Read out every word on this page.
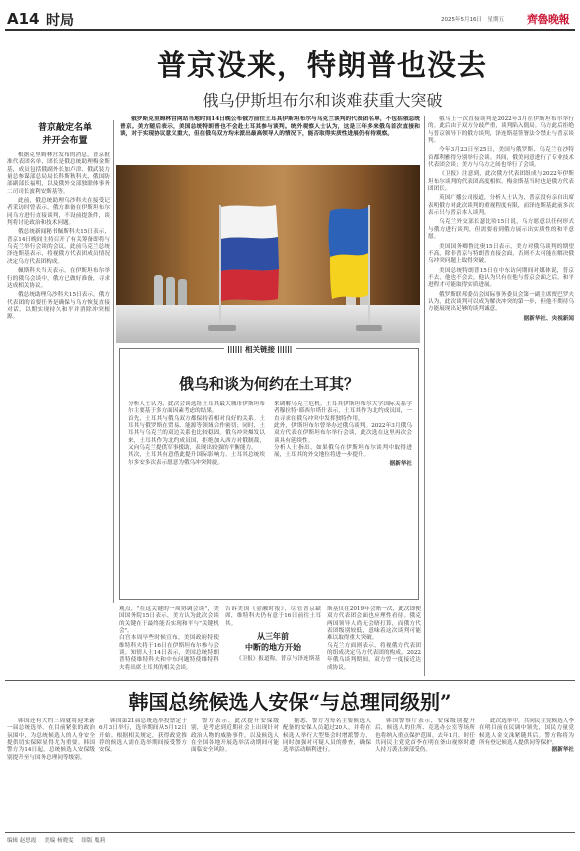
A14 时局	2025年5月16日　星期五 齊魯晚報
普京没来，特朗普也没去
俄乌伊斯坦布尔和谈难获重大突破
普京敲定名单
并开会布置

根据克里姆林宫发布的消息，普京批准代表团名单，团长是俄总统助理梅金斯基，成员包括俄副外长加卢津、俄武装力量总参谋部总局局长科斯秋科夫、俄国防部副部长福明，以及俄外交部独联体事务二司司长波利安斯基等。

此前，俄总统助理乌沙科夫在接受记者采访时曾表示，俄方准备在伊斯坦布尔同乌方进行直接谈判，不设前提条件，谈判将讨论政治和技术问题。

俄总统新闻秘书佩斯科夫15日表示，普京14日晚间主持召开了有关筹备即将与乌克兰举行会谈的会议。此前乌克兰总统泽连斯基表示，将视俄方代表团成员情况决定乌方代表团构成。

佩斯科夫当天表示，在伊斯坦布尔举行的俄乌会谈中，俄方已做好准备，寻求达成相关协议。

俄总统助理乌沙科夫15日表示，俄方代表团的首要任务是确保与乌方恢复直接对话，以期实现持久和平并消除冲突根源。

俄罗斯克里姆林宫网站当地时间14日晚公布俄方前往土耳其伊斯坦布尔与乌克兰谈判的代表团名单，不包括俄总统普京。美方随后表示，美国总统特朗普也不会赴土耳其参与谈判。统外观察人士认为，这是三年多来俄乌首次直接和谈，对于实现协议意义重大，但在俄乌双方均未派出最高领导人的情况下，能否取得实质性进展仍有待观察。

俄乌上一次直接谈判是2022年3月在伊斯坦布尔举行的。此后由于双方分歧严重，谈判陷入僵局。乌方此后拒绝与普京领导下的俄方谈判，泽连斯基签署法令禁止与普京谈判。

今年3月23日至25日，美国与俄罗斯、乌克兰在沙特首都利雅得分别举行会谈。其间，俄美同意进行了专业技术代表团会谈；美方与乌方之间也举行了会谈。

《卫报》注意到，此次俄方代表团组成与2022年伊斯坦布尔谈判的代表团高度相似。梅金斯基当时也是俄方代表团团长。

英国广播公司报道，分析人士认为，普京没有亲自出席表明俄方对此次谈判的重视程度有限，而泽连斯基此前多次表示只与普京本人谈判。

乌克兰外交部长瑟比哈15日说，乌方愿意以任何形式与俄方进行谈判，但需要看到俄方展示出实质性的和平意愿。

美国国务卿鲁比奥15日表示，美方对俄乌谈判的期望不高，除非普京与特朗普直接会面，否则不太可能在解决俄乌冲突问题上取得突破。

美国总统特朗普15日在中东访问期间对媒体说，普京不去，他也不会去。他认为只有在他与普京会面之后，和平进程才可能取得实质进展。

俄罗斯联邦委员会国际事务委员会第一副主席贾巴罗夫认为，此次谈判可以成为解决冲突的第一步，但他不期待乌方能展现出足够的谈判诚意。

据新华社、央视新闻

相关链接
俄乌和谈为何约在土耳其？
分析人士认为，此次会谈选址土耳其最大城市伊斯坦布尔主要基于多方面因素考虑的结果。
首先，土耳其与俄乌双方都保持着相对良好的关系。土耳其与俄罗斯在贸易、能源等领域合作密切；同时，土耳其与乌克兰的双边关系也比较稳固。俄乌冲突爆发以来，土耳其作为北约成员国，拒绝加入西方对俄制裁，又向乌克兰提供军事援助，表现出较强的平衡能力。
其次，土耳其有意借此提升国际影响力。土耳其总统埃尔多安多次表示愿意为俄乌冲突斡旋。
来调解乌克兰危机。土耳其伊斯坦布尔大学国际关系学者穆拉特·耶西尔塔什表示，土耳其作为北约成员国，一直寻求在俄乌冲突中发挥独特作用。
此外，伊斯坦布尔曾举办过俄乌谈判。2022年3月俄乌双方代表在伊斯坦布尔举行会谈，此次选在这里再次会谈具有延续性。
分析人士指出，如果俄乌在伊斯坦布尔谈判中取得进展，土耳其的外交地位将进一步提升。
据新华社
观点，"在这关键的一周协调会谈"，美国国务院15日表示，美方认为此次会谈的关键在于最终能否实现和平与"关键机会"。
白宫本周早些时候宣布，美国政府特使维特科夫将于16日在伊斯坦布尔参与会谈。知情人士14日表示，美国总统特朗普特使维特科夫和中东问题特使维特科夫将出席土耳其的相关会谈。
告诉美国《金融时报》，尽管普京缺席，维特科夫仍有意于16日前往土耳其。
从三年前
中断的地方开始
《卫报》报道称，普京与泽连斯基
斯基仅在2019年会晤一次，此次即便双方代表团会面也应理性看待。俄克两国领导人尚无会晤打算，而俄方代表团级别较低，意味着这次谈判可能难以取得重大突破。
乌克兰方面则表示，将视俄方代表团的组成决定乌方代表团的构成。2022年俄乌谈判期间，双方曾一度接近达成协议。
韩国总统候选人安保“与总理同级别”
韩国还有大约三周就将迎来新一届总统选举。在目前紧张的政治氛围中，为总统候选人的人身安全提供切实保障显得尤为重要。韩国警方为14日起，总统候选人安保级别提升至与国务总理同等级别。
韩国第21届总统选举投票定于6月3日举行，选举期间从5月12日开始。根据相关规定，获得政党推荐的候选人需在选举期间接受警方安保。
警方表示，此次提升安保级别，是考虑到近期社会上出现针对政治人物的威胁事件，以及候选人在全国各地开展选举活动期间可能面临安全风险。
据悉，警方为每名主要候选人配备的安保人员超过20人，并将在候选人举行大型集会时增派警力，同时加强对可疑人员的排查，确保选举活动顺利进行。
韩国警察厅表示，安保级别提升后，候选人的住所、竞选办公室等场所也将纳入重点保护范围。去年1月，时任共同民主党党首李在明在釜山视察时遭人持刀袭击颈部受伤。
此次选举中，共同民主党候选人李在明目前在民调中领先，国民力量党候选人金文洙紧随其后。警方称将为所有登记候选人提供同等保护。
据新华社
编辑 赵思霞 美编 杨晓雯 组版 胤莉
